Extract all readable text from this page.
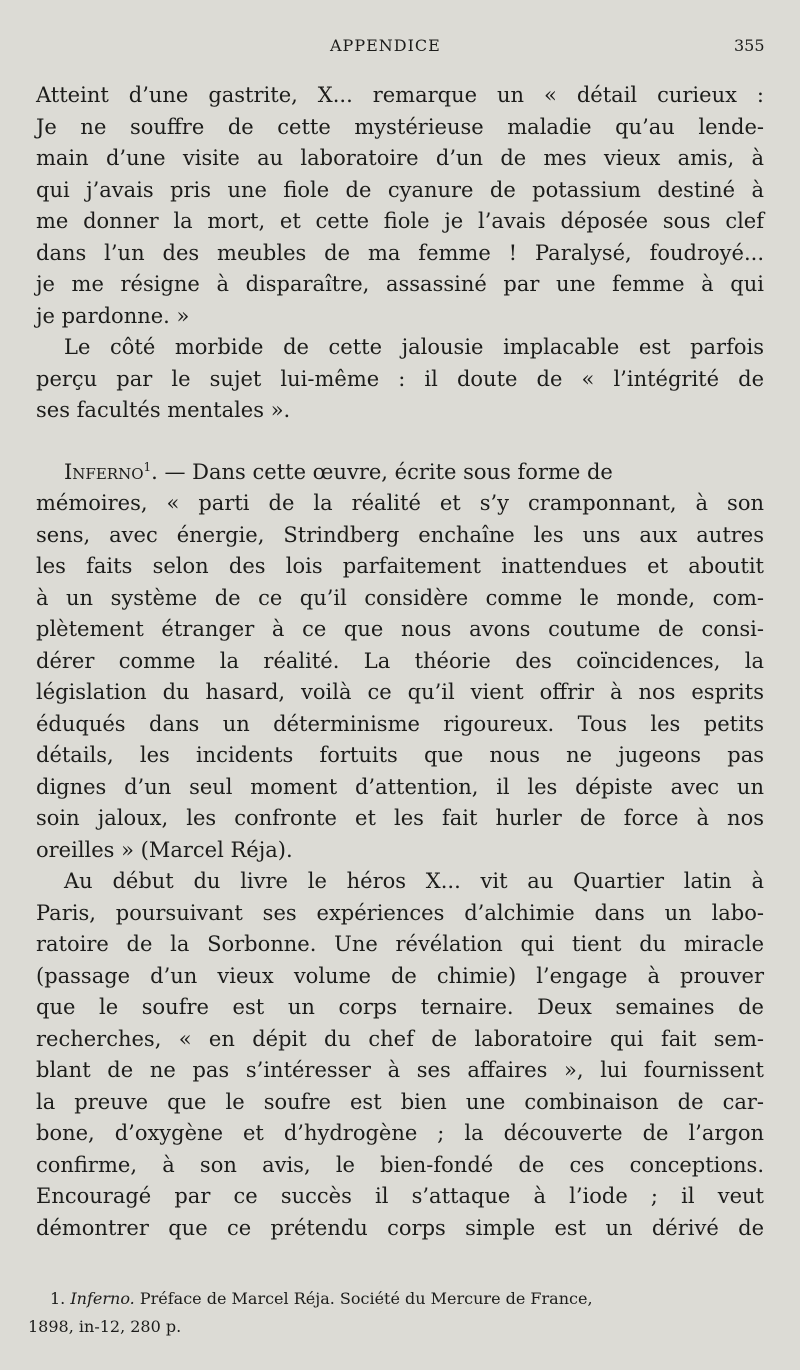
APPENDICE	355
Atteint d’une gastrite, X... remarque un « détail curieux :
Je ne souffre de cette mystérieuse maladie qu’au lende-
main d’une visite au laboratoire d’un de mes vieux amis, à
qui j’avais pris une fiole de cyanure de potassium destiné à
me donner la mort, et cette fiole je l’avais déposée sous clef
dans l’un des meubles de ma femme ! Paralysé, foudroyé...
je me résigne à disparaître, assassiné par une femme à qui
je pardonne. »
Le côté morbide de cette jalousie implacable est parfois
perçu par le sujet lui-même : il doute de « l’intégrité de
ses facultés mentales ».
Inferno$^1$. — Dans cette œuvre, écrite sous forme de
mémoires, « parti de la réalité et s’y cramponnant, à son
sens, avec énergie, Strindberg enchaîne les uns aux autres
les faits selon des lois parfaitement inattendues et aboutit
à un système de ce qu’il considère comme le monde, com-
plètement étranger à ce que nous avons coutume de consi-
dérer comme la réalité. La théorie des coïncidences, la
législation du hasard, voilà ce qu’il vient offrir à nos esprits
éduqués dans un déterminisme rigoureux. Tous les petits
détails, les incidents fortuits que nous ne jugeons pas
dignes d’un seul moment d’attention, il les dépiste avec un
soin jaloux, les confronte et les fait hurler de force à nos
oreilles » (Marcel Réja).
Au début du livre le héros X... vit au Quartier latin à
Paris, poursuivant ses expériences d’alchimie dans un labo-
ratoire de la Sorbonne. Une révélation qui tient du miracle
(passage d’un vieux volume de chimie) l’engage à prouver
que le soufre est un corps ternaire. Deux semaines de
recherches, « en dépit du chef de laboratoire qui fait sem-
blant de ne pas s’intéresser à ses affaires », lui fournissent
la preuve que le soufre est bien une combinaison de car-
bone, d’oxygène et d’hydrogène ; la découverte de l’argon
confirme, à son avis, le bien-fondé de ces conceptions.
Encouragé par ce succès il s’attaque à l’iode ; il veut
démontrer que ce prétendu corps simple est un dérivé de
1. Inferno. Préface de Marcel Réja. Société du Mercure de France,
1898, in-12, 280 p.
